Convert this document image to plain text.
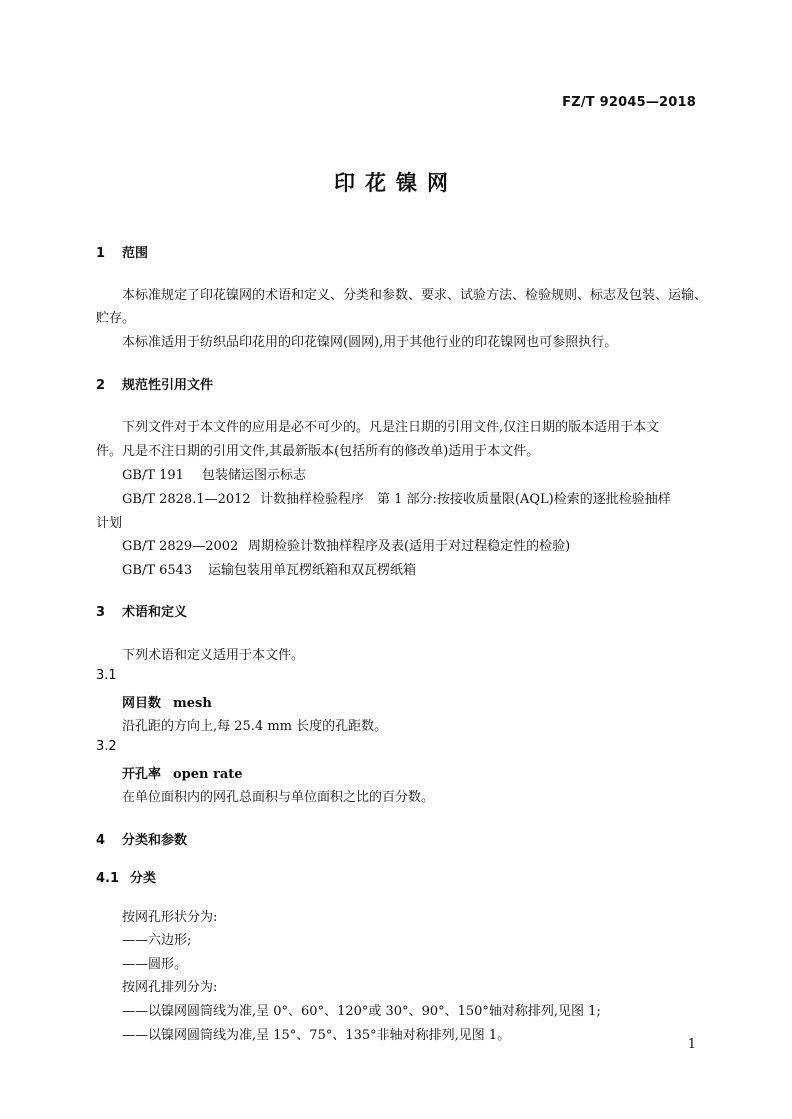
FZ/T 92045—2018
印花镍网
1 范围
本标准规定了印花镍网的术语和定义、分类和参数、要求、试验方法、检验规则、标志及包装、运输、
贮存。
本标准适用于纺织品印花用的印花镍网(圆网),用于其他行业的印花镍网也可参照执行。
2 规范性引用文件
下列文件对于本文件的应用是必不可少的。凡是注日期的引用文件,仅注日期的版本适用于本文
件。凡是不注日期的引用文件,其最新版本(包括所有的修改单)适用于本文件。
GB/T 191 包装储运图示标志
GB/T 2828.1—2012 计数抽样检验程序　第 1 部分:按接收质量限(AQL)检索的逐批检验抽样
计划
GB/T 2829—2002 周期检验计数抽样程序及表(适用于对过程稳定性的检验)
GB/T 6543 运输包装用单瓦楞纸箱和双瓦楞纸箱
3 术语和定义
下列术语和定义适用于本文件。
3.1
网目数 mesh
沿孔距的方向上,每 25.4 mm 长度的孔距数。
3.2
开孔率 open rate
在单位面积内的网孔总面积与单位面积之比的百分数。
4 分类和参数
4.1 分类
按网孔形状分为:
——六边形;
——圆形。
按网孔排列分为:
——以镍网圆筒线为准,呈 0°、60°、120°或 30°、90°、150°轴对称排列,见图 1;
——以镍网圆筒线为准,呈 15°、75°、135°非轴对称排列,见图 1。
1
